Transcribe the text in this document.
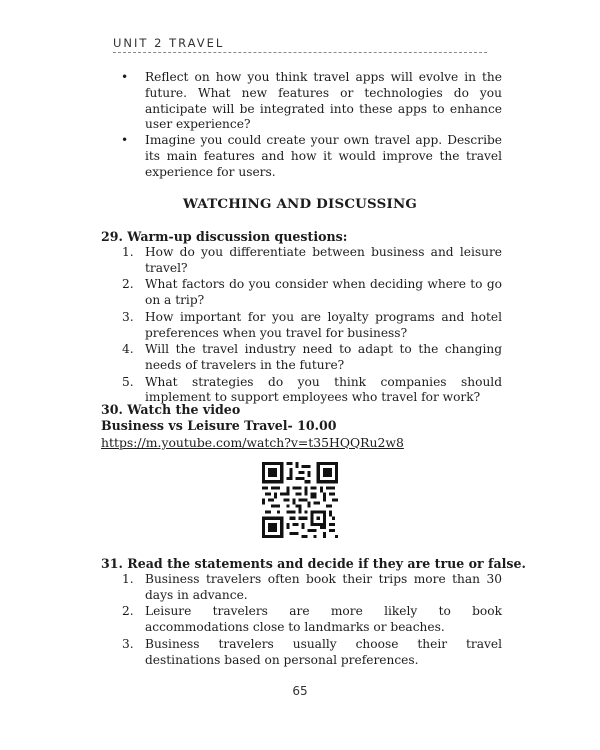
UNIT 2 TRAVEL
• Reflect on how you think travel apps will evolve in the future. What new features or technologies do you anticipate will be integrated into these apps to enhance user experience?
• Imagine you could create your own travel app. Describe its main features and how it would improve the travel experience for users.
WATCHING AND DISCUSSING
29. Warm-up discussion questions:
1. How do you differentiate between business and leisure travel?
2. What factors do you consider when deciding where to go on a trip?
3. How important for you are loyalty programs and hotel preferences when you travel for business?
4. Will the travel industry need to adapt to the changing needs of travelers in the future?
5. What strategies do you think companies should implement to support employees who travel for work?
30. Watch the video
Business vs Leisure Travel- 10.00
https://m.youtube.com/watch?v=t35HQQRu2w8
31. Read the statements and decide if they are true or false.
1. Business travelers often book their trips more than 30 days in advance.
2. Leisure travelers are more likely to book accommodations close to landmarks or beaches.
3. Business travelers usually choose their travel destinations based on personal preferences.
65
